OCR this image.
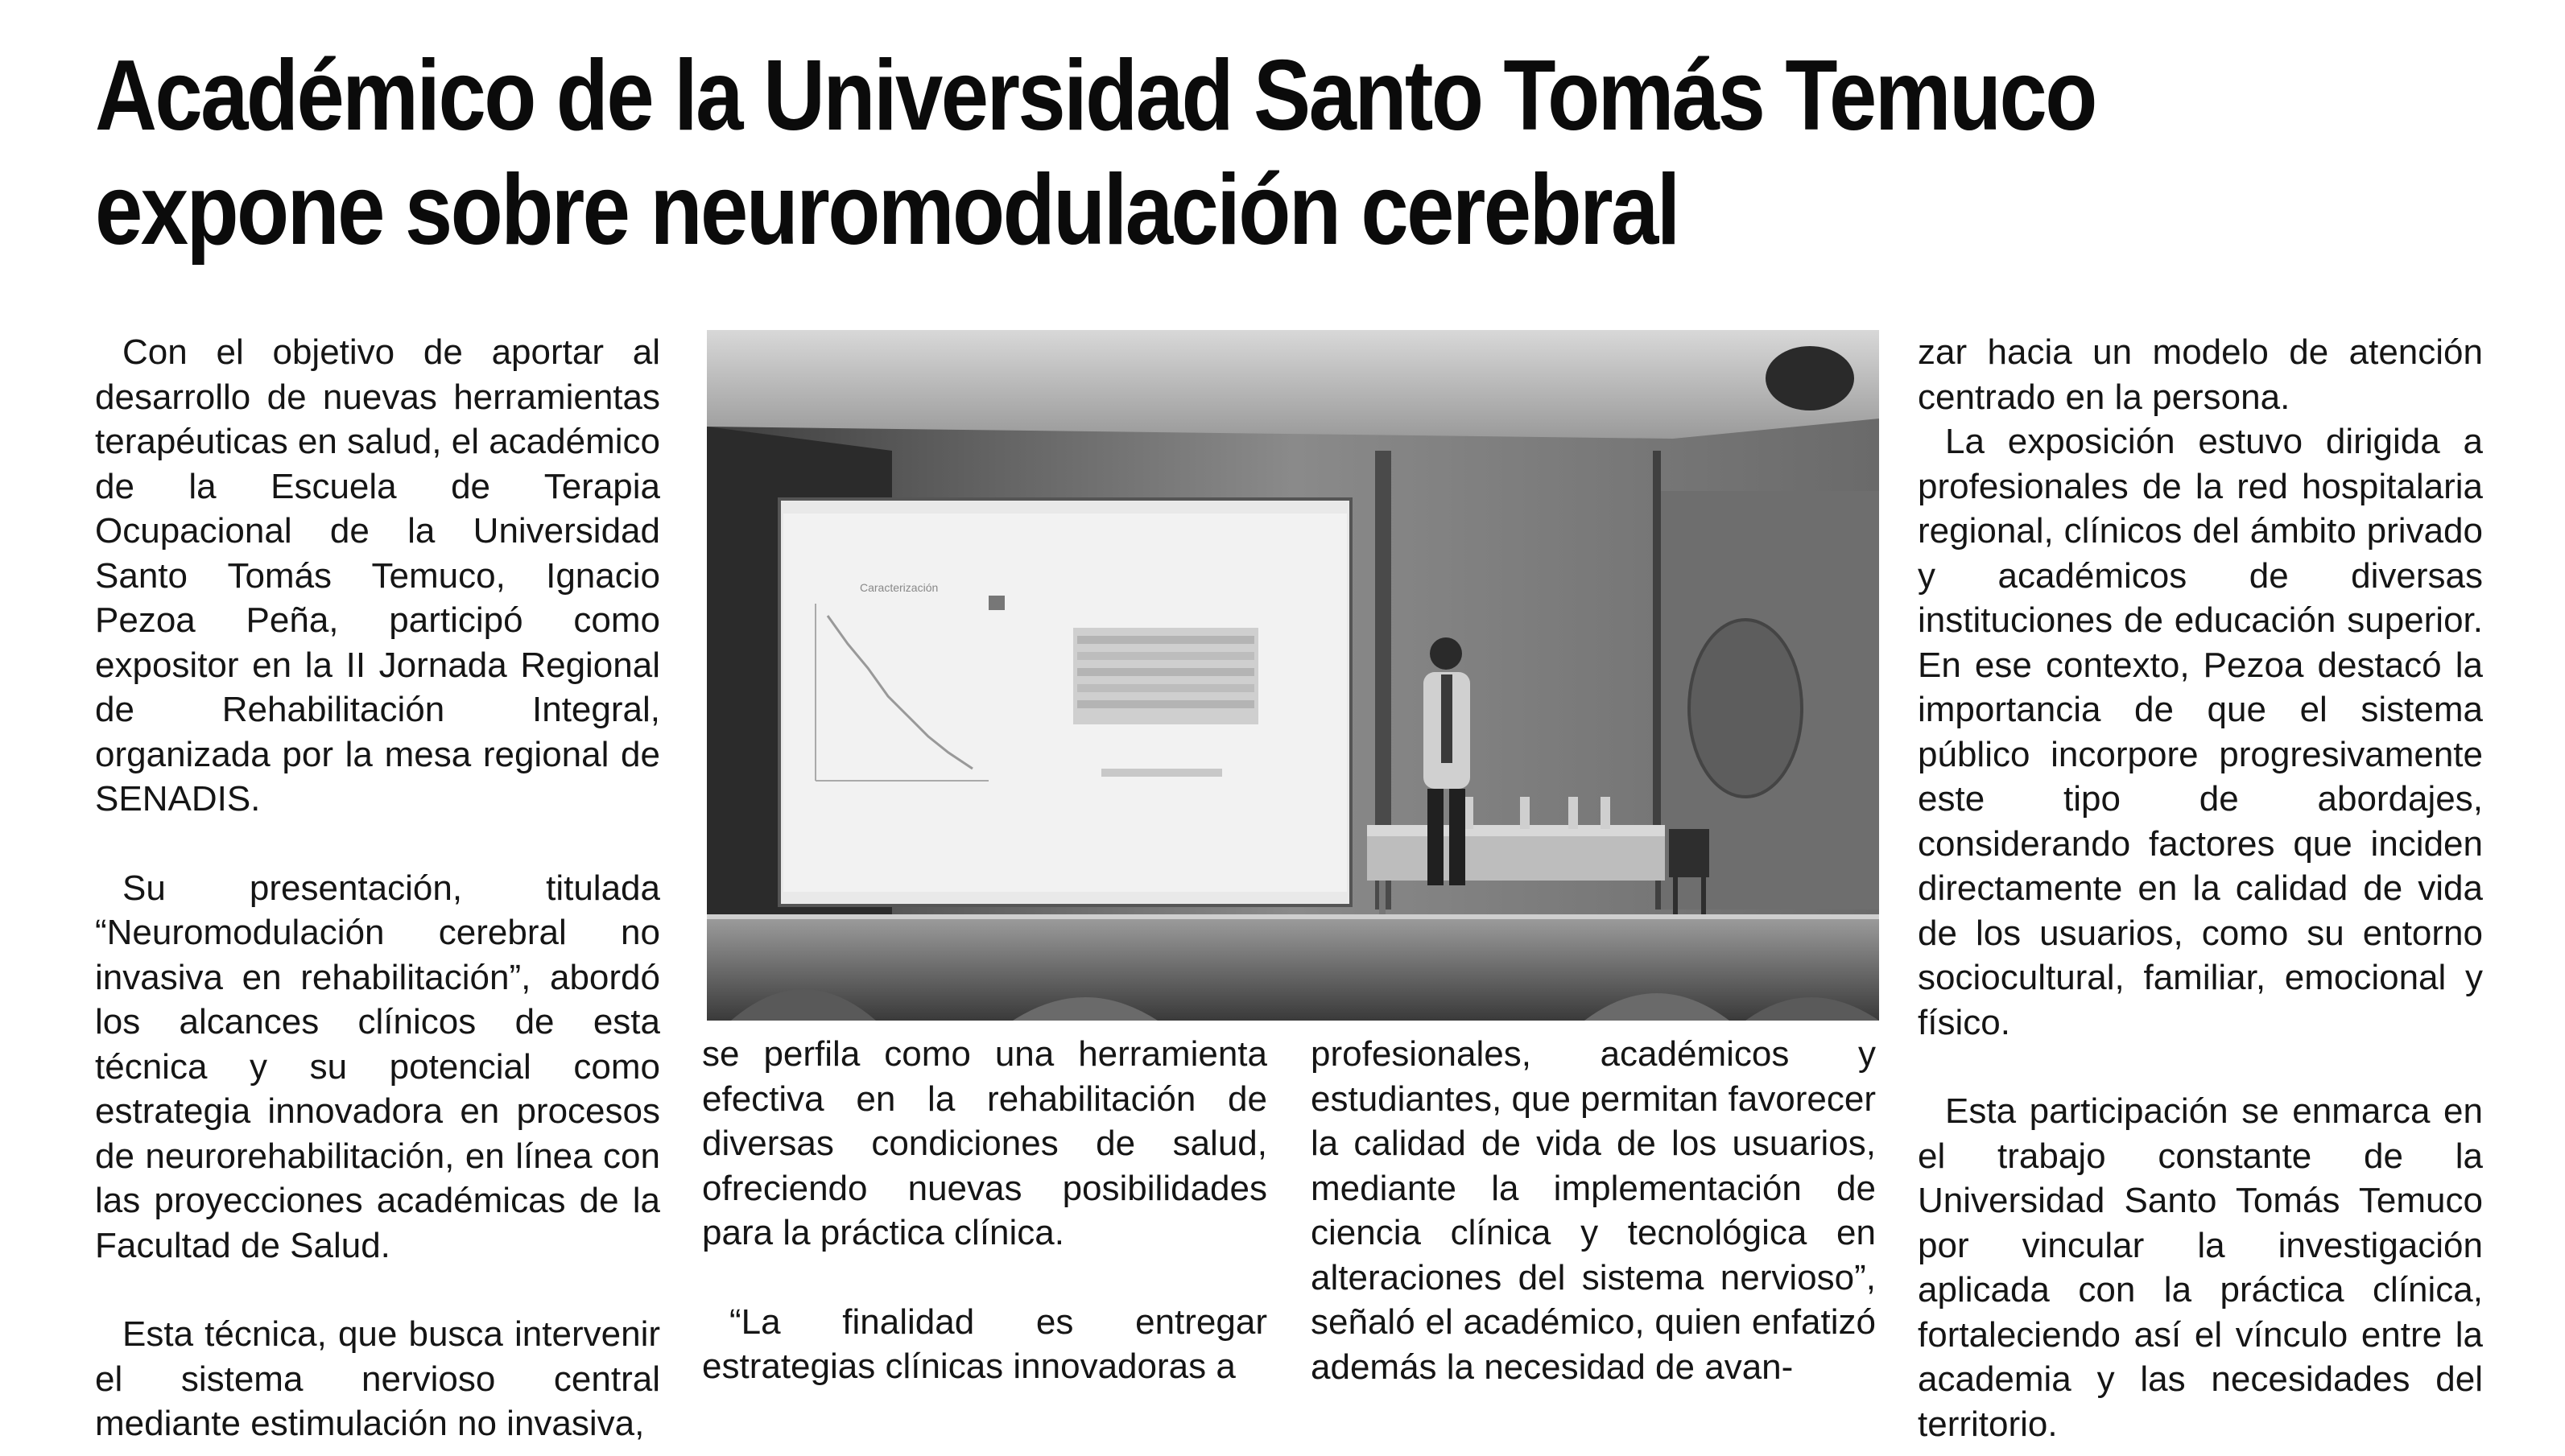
Académico de la Universidad Santo Tomás Temuco
expone sobre neuromodulación cerebral

Con el objetivo de aportar al desarrollo de nuevas herramientas terapéuticas en salud, el académico de la Escuela de Terapia Ocupacional de la Universidad Santo Tomás Temuco, Ignacio Pezoa Peña, participó como expositor en la II Jornada Regional de Rehabilitación Integral, organizada por la mesa regional de SENADIS.

Su presentación, titulada “Neuromodulación cerebral no invasiva en rehabilitación”, abordó los alcances clínicos de esta técnica y su potencial como estrategia innovadora en procesos de neurorehabilitación, en línea con las proyecciones académicas de la Facultad de Salud.

Esta técnica, que busca intervenir el sistema nervioso central mediante estimulación no invasiva,

Caracterización

se perfila como una herramienta efectiva en la rehabilitación de diversas condiciones de salud, ofreciendo nuevas posibilidades para la práctica clínica.

“La finalidad es entregar estrategias clínicas innovadoras a

profesionales, académicos y estudiantes, que permitan favorecer la calidad de vida de los usuarios, mediante la implementación de ciencia clínica y tecnológica en alteraciones del sistema nervioso”, señaló el académico, quien enfatizó además la necesidad de avan-

zar hacia un modelo de atención centrado en la persona.

La exposición estuvo dirigida a profesionales de la red hospitalaria regional, clínicos del ámbito privado y académicos de diversas instituciones de educación superior. En ese contexto, Pezoa destacó la importancia de que el sistema público incorpore progresivamente este tipo de abordajes, considerando factores que inciden directamente en la calidad de vida de los usuarios, como su entorno sociocultural, familiar, emocional y físico.

Esta participación se enmarca en el trabajo constante de la Universidad Santo Tomás Temuco por vincular la investigación aplicada con la práctica clínica, fortaleciendo así el vínculo entre la academia y las necesidades del territorio.
